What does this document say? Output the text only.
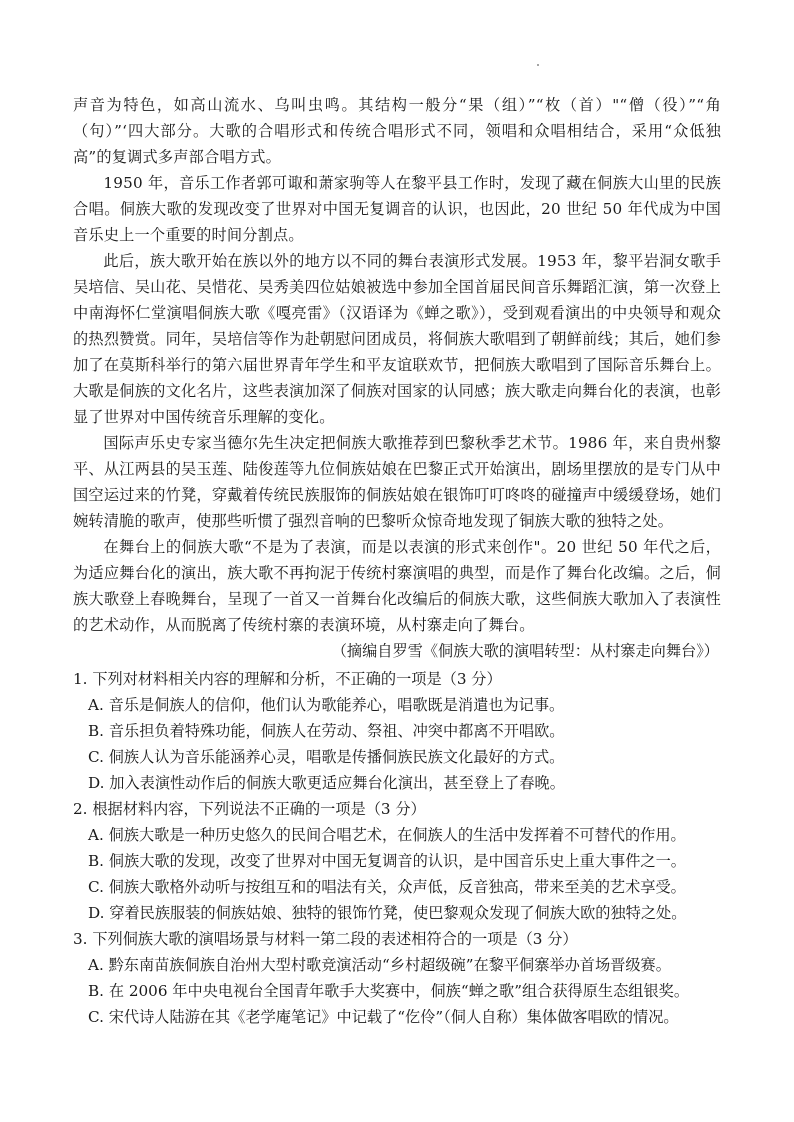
声音为特色，如高山流水、乌叫虫鸣。其结构一般分“果（组）”“枚（首）"“僧（役）”“角（句）”‘四大部分。大歌的合唱形式和传统合唱形式不同，领唱和众唱相结合，采用“众低独高”的复调式多声部合唱方式。

1950 年，音乐工作者郭可诹和萧家驹等人在黎平县工作时，发现了藏在侗族大山里的民族合唱。侗族大歌的发现改变了世界对中国无复调音的认识，也因此，20 世纪 50 年代成为中国音乐史上一个重要的时间分割点。

此后，族大歌开始在族以外的地方以不同的舞台表演形式发展。1953 年，黎平岩洞女歌手吴培信、吴山花、吴惜花、吴秀美四位姑娘被选中参加全国首届民间音乐舞蹈汇演，第一次登上中南海怀仁堂演唱侗族大歌《嘎亮雷》（汉语译为《蝉之歌》），受到观看演出的中央领导和观众的热烈赞赏。同年，吴培信等作为赴朝慰问团成员，将侗族大歌唱到了朝鲜前线；其后，她们参加了在莫斯科举行的第六届世界青年学生和平友谊联欢节，把侗族大歌唱到了国际音乐舞台上。大歌是侗族的文化名片，这些表演加深了侗族对国家的认同感；族大歌走向舞台化的表演，也彰显了世界对中国传统音乐理解的变化。

国际声乐史专家当德尔先生决定把侗族大歌推荐到巴黎秋季艺术节。1986 年，来自贵州黎平、从江两县的吴玉莲、陆俊莲等九位侗族姑娘在巴黎正式开始演出，剧场里摆放的是专门从中国空运过来的竹凳，穿戴着传统民族服饰的侗族姑娘在银饰叮叮咚咚的碰撞声中缓缓登场，她们婉转清脆的歌声，使那些听惯了强烈音响的巴黎听众惊奇地发现了铜族大歌的独特之处。

在舞台上的侗族大歌“不是为了表演，而是以表演的形式来创作"。20 世纪 50 年代之后，为适应舞台化的演出，族大歌不再拘泥于传统村寨演唱的典型，而是作了舞台化改编。之后，侗族大歌登上春晚舞台，呈现了一首又一首舞台化改编后的侗族大歌，这些侗族大歌加入了表演性的艺术动作，从而脱离了传统村寨的表演环境，从村寨走向了舞台。

（摘编自罗雪《侗族大歌的演唱转型：从村寨走向舞台》）

1. 下列对材料相关内容的理解和分析，不正确的一项是（3 分）

A. 音乐是侗族人的信仰，他们认为歌能养心，唱歌既是消遣也为记事。

B. 音乐担负着特殊功能，侗族人在劳动、祭祖、冲突中都离不开唱欧。

C. 侗族人认为音乐能涵养心灵，唱歌是传播侗族民族文化最好的方式。

D. 加入表演性动作后的侗族大歌更适应舞台化演出，甚至登上了春晚。

2. 根据材料内容，下列说法不正确的一项是（3 分）

A. 侗族大歌是一种历史悠久的民间合唱艺术，在侗族人的生活中发挥着不可替代的作用。

B. 侗族大歌的发现，改变了世界对中国无复调音的认识，是中国音乐史上重大事件之一。

C. 侗族大歌格外动听与按组互和的唱法有关，众声低，反音独高，带来至美的艺术享受。

D. 穿着民族服装的侗族姑娘、独特的银饰竹凳，使巴黎观众发现了侗族大欧的独特之处。

3. 下列侗族大歌的演唱场景与材料一第二段的表述相符合的一项是（3 分）

A. 黔东南苗族侗族自治州大型村歌竞演活动“乡村超级碗”在黎平侗寨举办首场晋级赛。

B. 在 2006 年中央电视台全国青年歌手大奖赛中，侗族“蝉之歌”组合获得原生态组银奖。

C. 宋代诗人陆游在其《老学庵笔记》中记载了“仡伶”（侗人自称）集体做客唱欧的情况。
